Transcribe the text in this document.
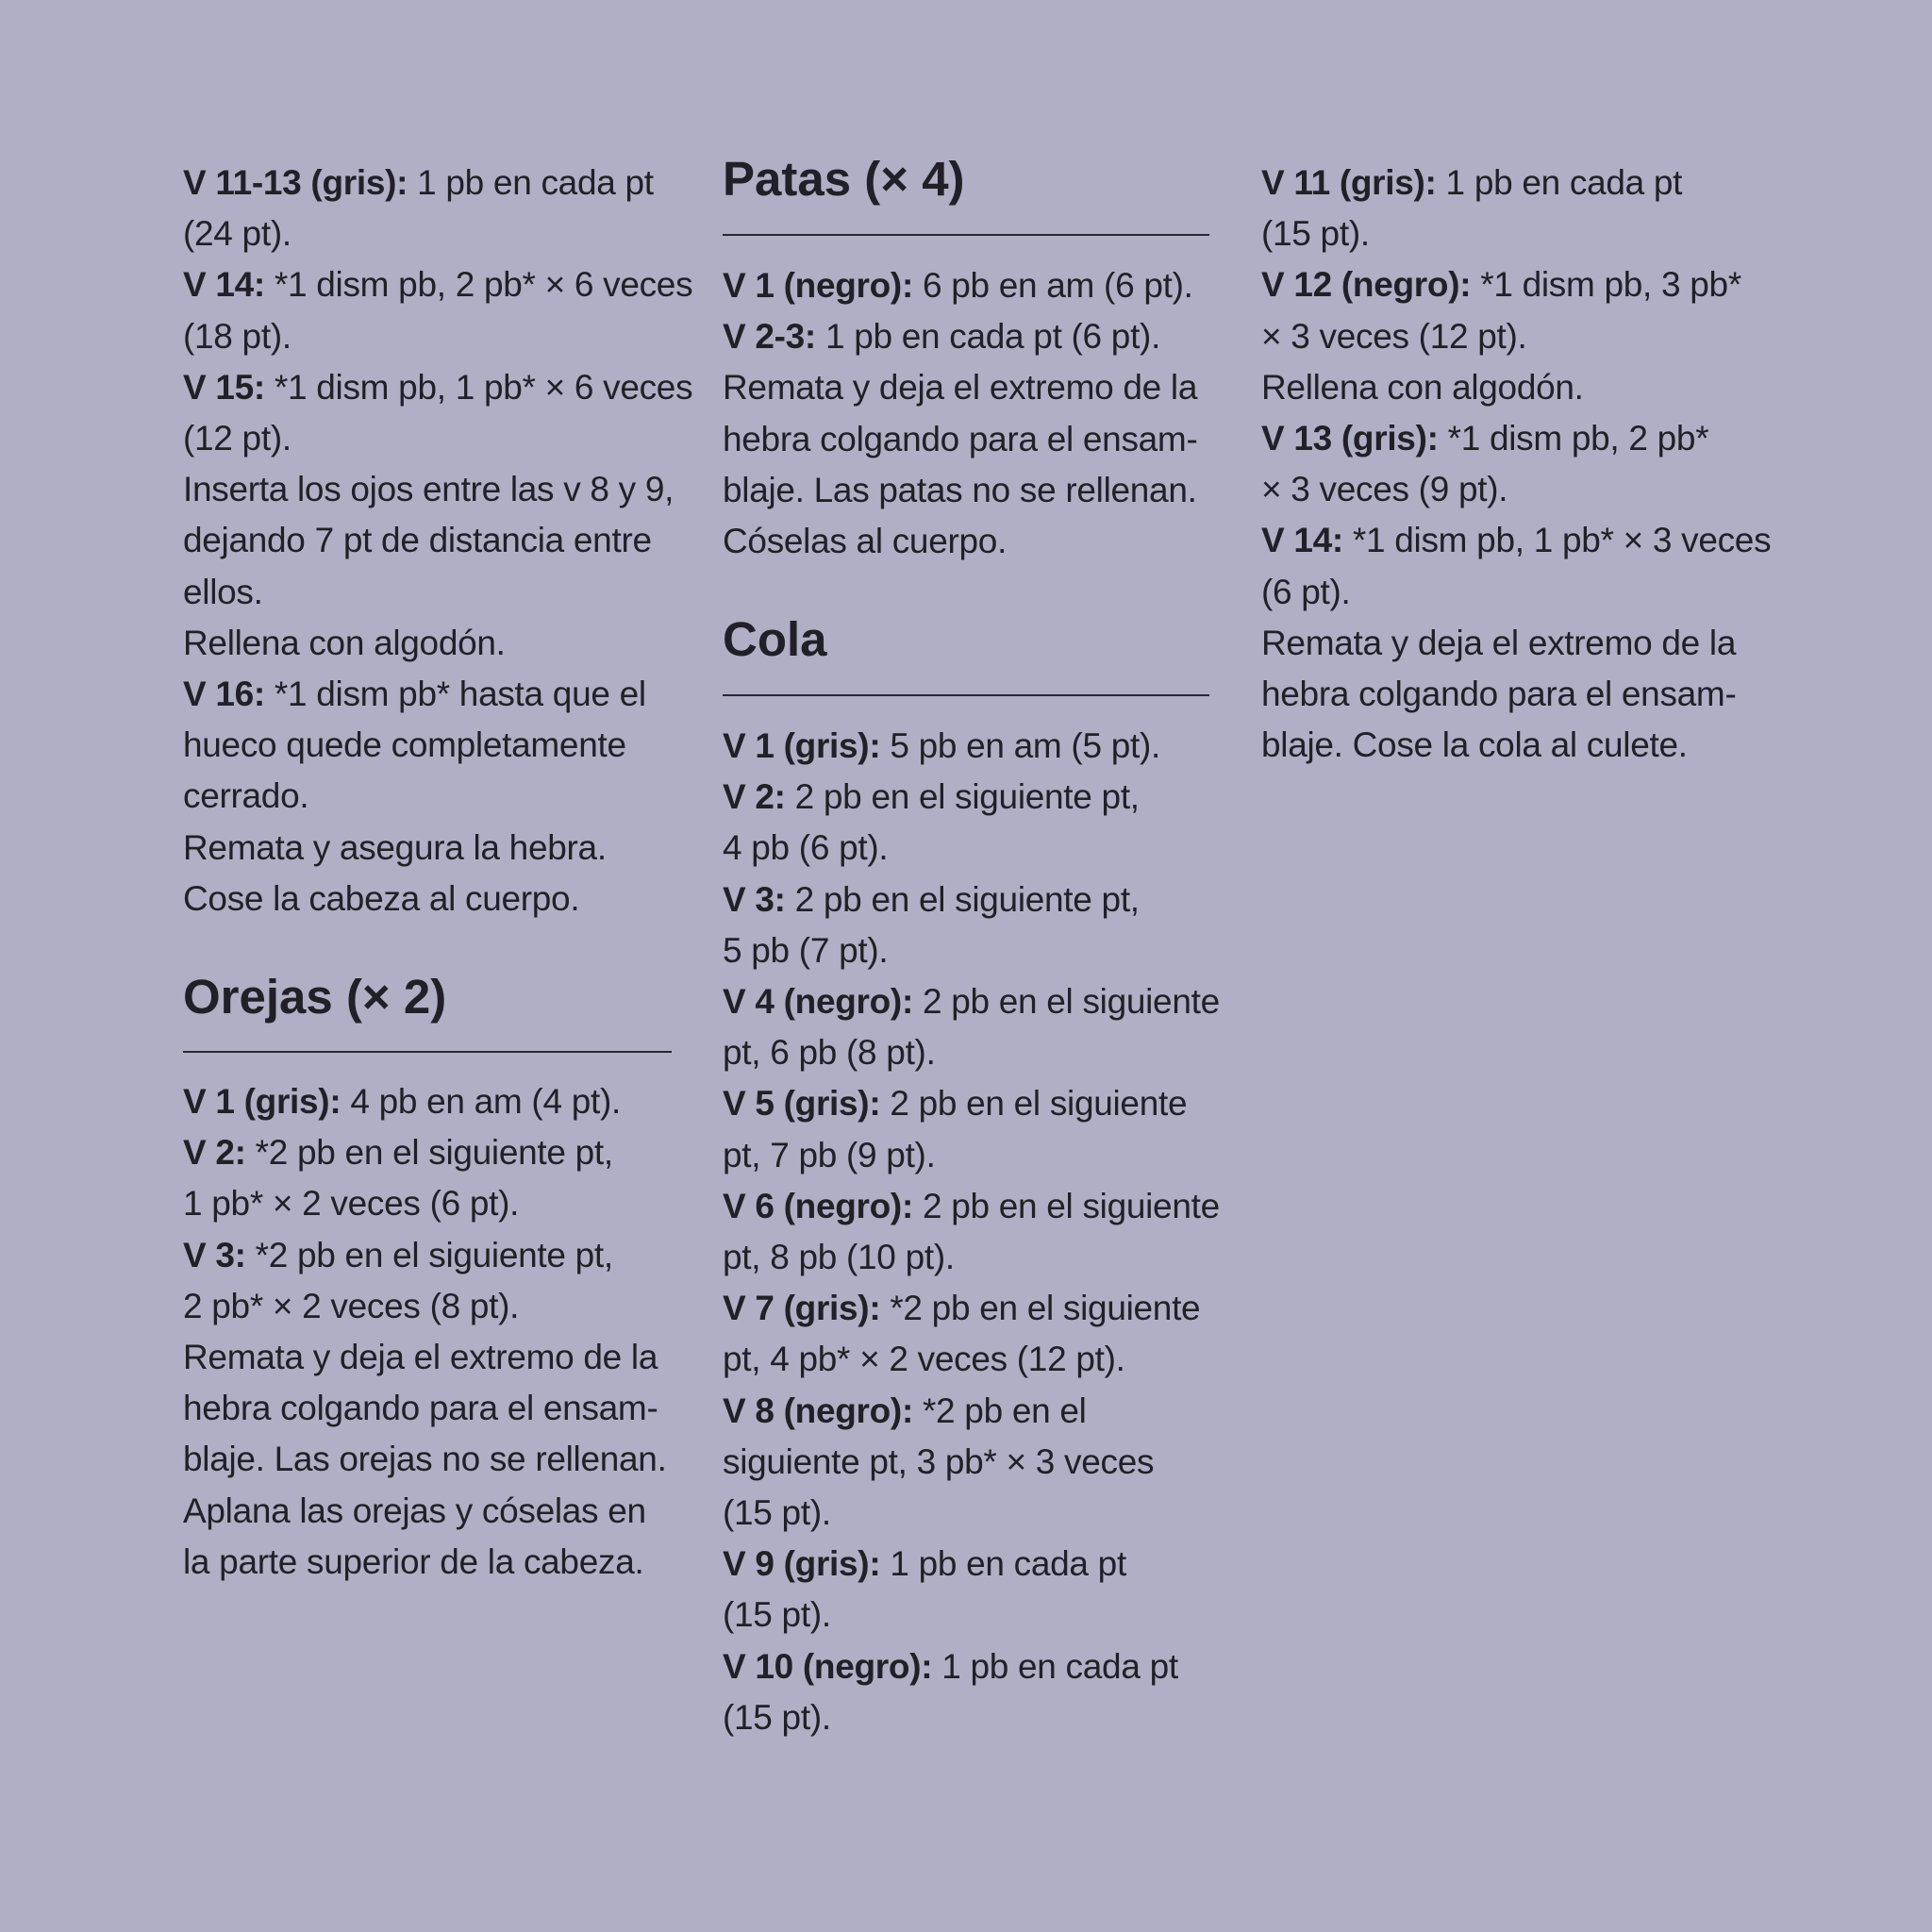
V 11-13 (gris): 1 pb en cada pt
(24 pt).
V 14: *1 dism pb, 2 pb* × 6 veces
(18 pt).
V 15: *1 dism pb, 1 pb* × 6 veces
(12 pt).
Inserta los ojos entre las v 8 y 9,
dejando 7 pt de distancia entre
ellos.
Rellena con algodón.
V 16: *1 dism pb* hasta que el
hueco quede completamente
cerrado.
Remata y asegura la hebra.
Cose la cabeza al cuerpo.
Orejas (× 2)
V 1 (gris): 4 pb en am (4 pt).
V 2: *2 pb en el siguiente pt,
1 pb* × 2 veces (6 pt).
V 3: *2 pb en el siguiente pt,
2 pb* × 2 veces (8 pt).
Remata y deja el extremo de la
hebra colgando para el ensam-
blaje. Las orejas no se rellenan.
Aplana las orejas y cóselas en
la parte superior de la cabeza.
Patas (× 4)
V 1 (negro): 6 pb en am (6 pt).
V 2-3: 1 pb en cada pt (6 pt).
Remata y deja el extremo de la
hebra colgando para el ensam-
blaje. Las patas no se rellenan.
Cóselas al cuerpo.
Cola
V 1 (gris): 5 pb en am (5 pt).
V 2: 2 pb en el siguiente pt,
4 pb (6 pt).
V 3: 2 pb en el siguiente pt,
5 pb (7 pt).
V 4 (negro): 2 pb en el siguiente
pt, 6 pb (8 pt).
V 5 (gris): 2 pb en el siguiente
pt, 7 pb (9 pt).
V 6 (negro): 2 pb en el siguiente
pt, 8 pb (10 pt).
V 7 (gris): *2 pb en el siguiente
pt, 4 pb* × 2 veces (12 pt).
V 8 (negro): *2 pb en el
siguiente pt, 3 pb* × 3 veces
(15 pt).
V 9 (gris): 1 pb en cada pt
(15 pt).
V 10 (negro): 1 pb en cada pt
(15 pt).
V 11 (gris): 1 pb en cada pt
(15 pt).
V 12 (negro): *1 dism pb, 3 pb*
× 3 veces (12 pt).
Rellena con algodón.
V 13 (gris): *1 dism pb, 2 pb*
× 3 veces (9 pt).
V 14: *1 dism pb, 1 pb* × 3 veces
(6 pt).
Remata y deja el extremo de la
hebra colgando para el ensam-
blaje. Cose la cola al culete.
